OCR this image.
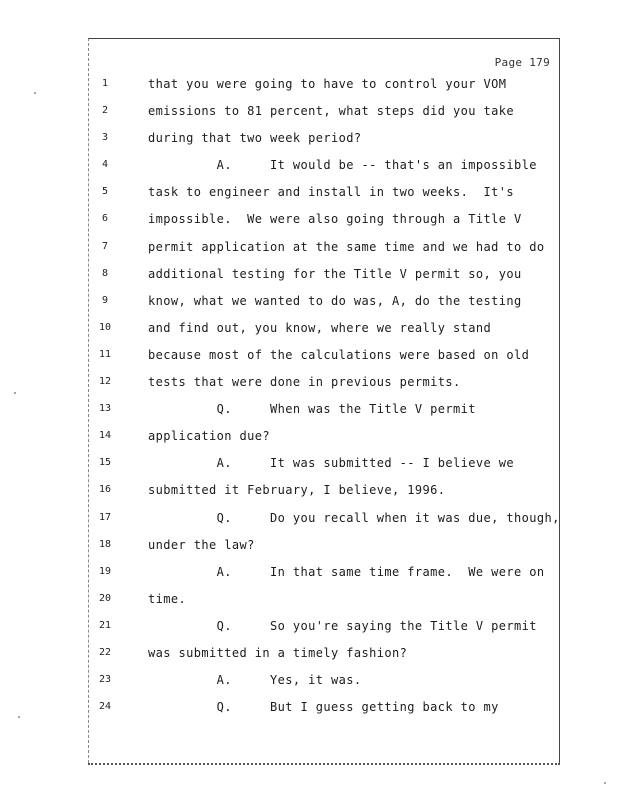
Page 179
1
2
3
4
5
6
7
8
9
10
11
12
13
14
15
16
17
18
19
20
21
22
23
24
that you were going to have to control your VOM
emissions to 81 percent, what steps did you take
during that two week period?
A.     It would be -- that's an impossible
task to engineer and install in two weeks.  It's
impossible.  We were also going through a Title V
permit application at the same time and we had to do
additional testing for the Title V permit so, you
know, what we wanted to do was, A, do the testing
and find out, you know, where we really stand
because most of the calculations were based on old
tests that were done in previous permits.
Q.     When was the Title V permit
application due?
A.     It was submitted -- I believe we
submitted it February, I believe, 1996.
Q.     Do you recall when it was due, though,
under the law?
A.     In that same time frame.  We were on
time.
Q.     So you're saying the Title V permit
was submitted in a timely fashion?
A.     Yes, it was.
Q.     But I guess getting back to my
